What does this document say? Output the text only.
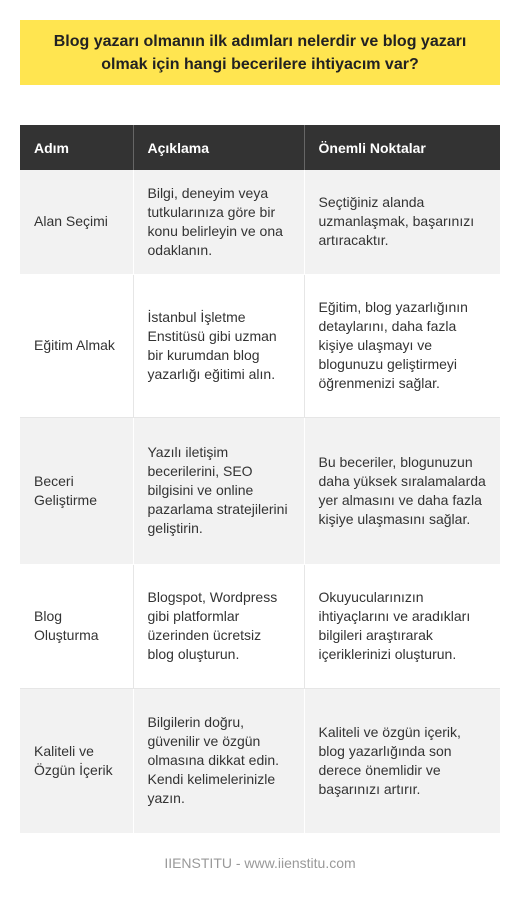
Blog yazarı olmanın ilk adımları nelerdir ve blog yazarı olmak için hangi becerilere ihtiyacım var?
Adım	Açıklama	Önemli Noktalar
Alan Seçimi	Bilgi, deneyim veya tutkularınıza göre bir konu belirleyin ve ona odaklanın.	Seçtiğiniz alanda uzmanlaşmak, başarınızı artıracaktır.
Eğitim Almak	İstanbul İşletme Enstitüsü gibi uzman bir kurumdan blog yazarlığı eğitimi alın.	Eğitim, blog yazarlığının detaylarını, daha fazla kişiye ulaşmayı ve blogunuzu geliştirmeyi öğrenmenizi sağlar.
Beceri Geliştirme	Yazılı iletişim becerilerini, SEO bilgisini ve online pazarlama stratejilerini geliştirin.	Bu beceriler, blogunuzun daha yüksek sıralamalarda yer almasını ve daha fazla kişiye ulaşmasını sağlar.
Blog Oluşturma	Blogspot, Wordpress gibi platformlar üzerinden ücretsiz blog oluşturun.	Okuyucularınızın ihtiyaçlarını ve aradıkları bilgileri araştırarak içeriklerinizi oluşturun.
Kaliteli ve Özgün İçerik	Bilgilerin doğru, güvenilir ve özgün olmasına dikkat edin. Kendi kelimelerinizle yazın.	Kaliteli ve özgün içerik, blog yazarlığında son derece önemlidir ve başarınızı artırır.
IIENSTITU - www.iienstitu.com
